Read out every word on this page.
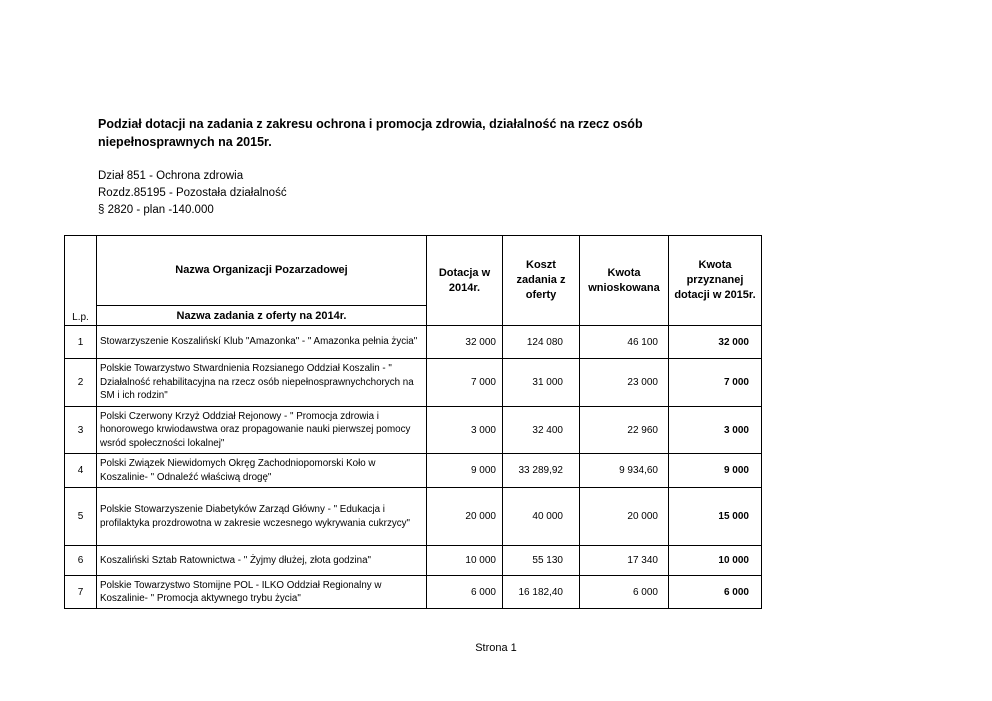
Podział dotacji na zadania z zakresu ochrona i promocja zdrowia, działalność na rzecz osób niepełnosprawnych na 2015r.
Dział 851 - Ochrona zdrowia
Rozdz.85195 - Pozostała działalność
§ 2820 - plan -140.000
L.p.	Nazwa Organizacji Pozarzadowej	Dotacja w 2014r.	Koszt zadania z oferty	Kwota wnioskowana	Kwota przyznanej dotacji w 2015r.
	Nazwa zadania z oferty na 2014r.				
1	Stowarzyszenie Koszalińskí Klub "Amazonka" - " Amazonka pełnia życia"	32 000	124 080	46 100	32 000
2	Polskie Towarzystwo Stwardnienia Rozsianego Oddział Koszalin - " Działalność rehabilitacyjna na rzecz osób niepełnosprawnychchorych na SM i ich rodzin"	7 000	31 000	23 000	7 000
3	Polski Czerwony Krzyż Oddział Rejonowy - " Promocja zdrowia i honorowego krwiodawstwa oraz propagowanie nauki pierwszej pomocy wsród społeczności lokalnej"	3 000	32 400	22 960	3 000
4	Polski Związek Niewidomych Okręg Zachodniopomorski Koło w Koszalinie- " Odnaleźć właściwą drogę"	9 000	33 289,92	9 934,60	9 000
5	Polskie Stowarzyszenie Diabetyków Zarząd Główny - " Edukacja i profilaktyka prozdrowotna w zakresie wczesnego wykrywania cukrzycy"	20 000	40 000	20 000	15 000
6	Koszaliński Sztab Ratownictwa - " Żyjmy dłużej, złota godzina"	10 000	55 130	17 340	10 000
7	Polskie Towarzystwo Stomijne POL - ILKO Oddział Regionalny w Koszalinie- " Promocja aktywnego trybu życia"	6 000	16 182,40	6 000	6 000
Strona 1
